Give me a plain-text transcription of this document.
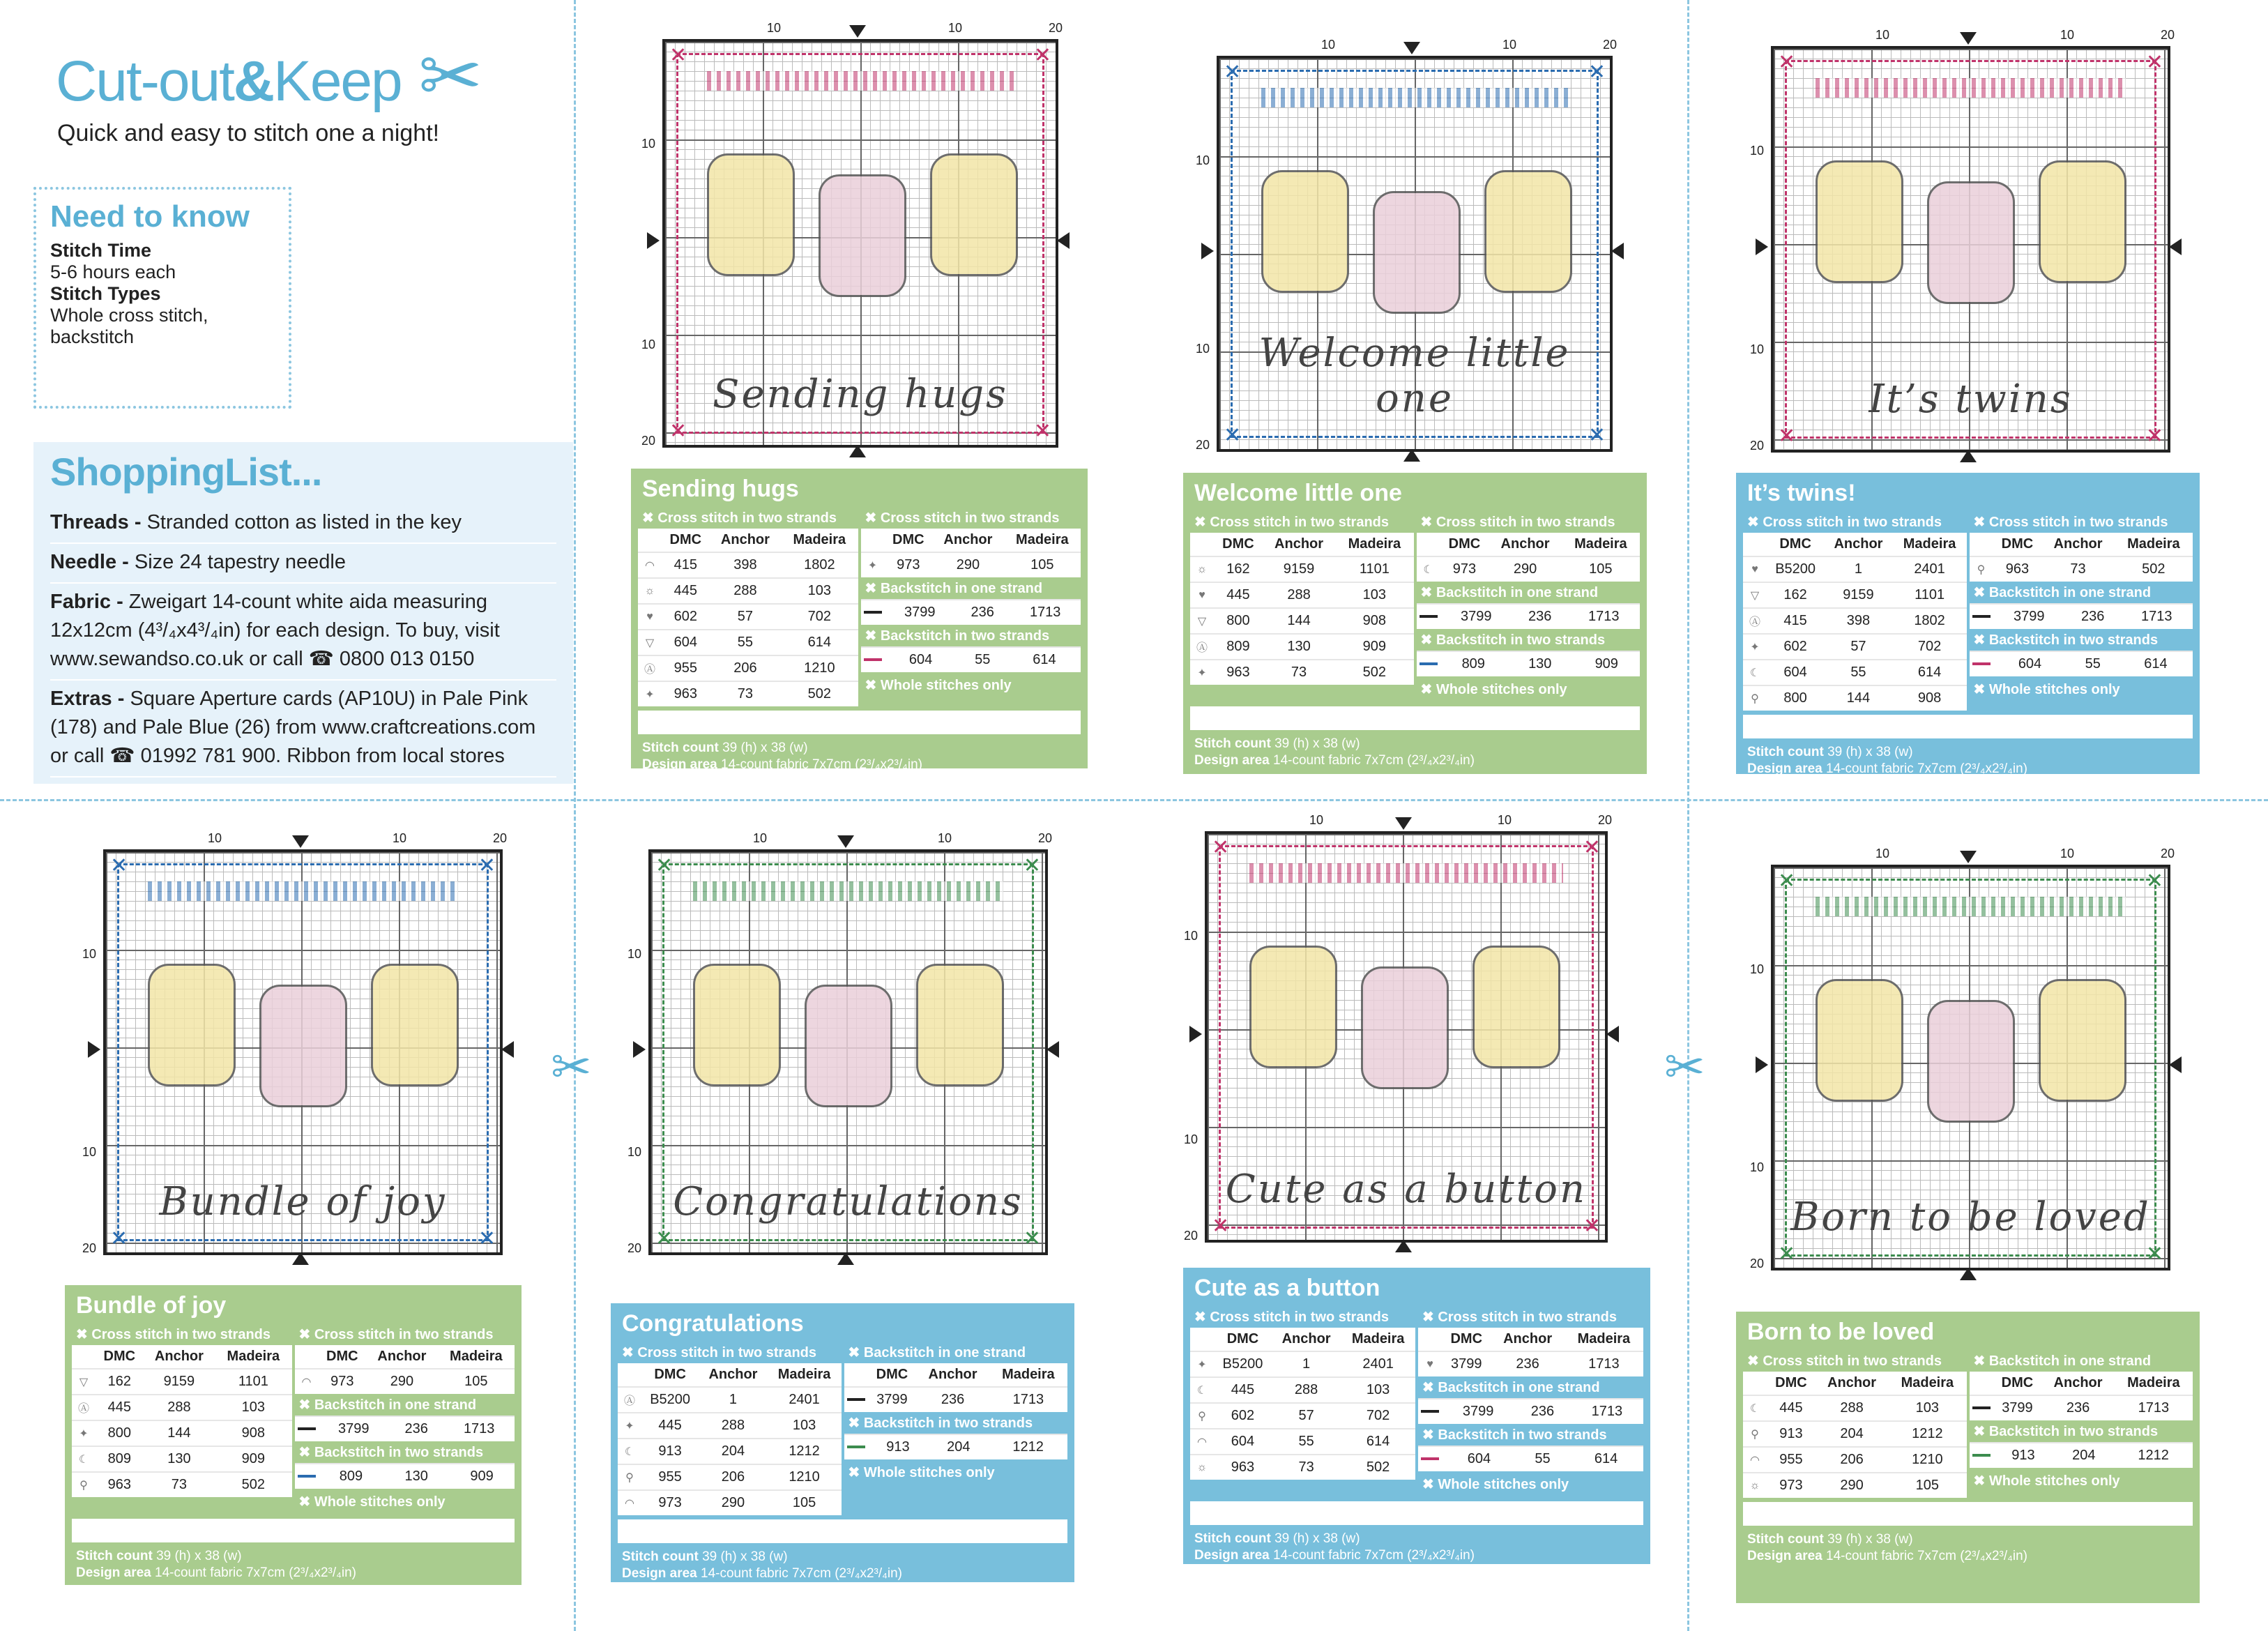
✂	✂
Cut-out&Keep ✂
Quick and easy to stitch one a night!
Need to know
Stitch Time
5-6 hours each
Stitch Types
Whole cross stitch,
backstitch
ShoppingList...
Threads - Stranded cotton as listed in the key
Needle - Size 24 tapestry needle
Fabric - Zweigart 14-count white aida measuring 12x12cm (4³/₄x4³/₄in) for each design. To buy, visit www.sewandso.co.uk or call ☎ 0800 013 0150
Extras - Square Aperture cards (AP10U) in Pale Pink (178) and Pale Blue (26) from www.craftcreations.com or call ☎ 01992 781 900. Ribbon from local stores
✕	✕
✕	✕
Sending hugs
10	10	20
10
10
20
✕	✕
✕	✕
Welcome little one
10	10	20
10
10
20
✕	✕
✕	✕
It’s twins
10	10	20
10
10
20
✕	✕
✕	✕
Bundle of joy
10	10	20
10
10
20
✕	✕
✕	✕
Congratulations
10	10	20
10
10
20
✕	✕
✕	✕
Cute as a button
10	10	20
10
10
20
✕	✕
✕	✕
Born to be loved
10	10	20
10
10
20
Sending hugs
✖ Cross stitch in two strands
	DMC	Anchor	Madeira
◠	415	398	1802
☼	445	288	103
♥	602	57	702
▽	604	55	614
Ⓐ	955	206	1210
✦	963	73	502
✖ Cross stitch in two strands
	DMC	Anchor	Madeira
✦	973	290	105
✖ Backstitch in one strand
	3799	236	1713
✖ Backstitch in two strands
	604	55	614
✖ Whole stitches only
Stitch count 39 (h) x 38 (w)
Design area 14-count fabric 7x7cm (2³/₄x2³/₄in)
Welcome little one
✖ Cross stitch in two strands
	DMC	Anchor	Madeira
☼	162	9159	1101
♥	445	288	103
▽	800	144	908
Ⓐ	809	130	909
✦	963	73	502
✖ Cross stitch in two strands
	DMC	Anchor	Madeira
☾	973	290	105
✖ Backstitch in one strand
	3799	236	1713
✖ Backstitch in two strands
	809	130	909
✖ Whole stitches only
Stitch count 39 (h) x 38 (w)
Design area 14-count fabric 7x7cm (2³/₄x2³/₄in)
It’s twins!
✖ Cross stitch in two strands
	DMC	Anchor	Madeira
♥	B5200	1	2401
▽	162	9159	1101
Ⓐ	415	398	1802
✦	602	57	702
☾	604	55	614
⚲	800	144	908
✖ Cross stitch in two strands
	DMC	Anchor	Madeira
⚲	963	73	502
✖ Backstitch in one strand
	3799	236	1713
✖ Backstitch in two strands
	604	55	614
✖ Whole stitches only
Stitch count 39 (h) x 38 (w)
Design area 14-count fabric 7x7cm (2³/₄x2³/₄in)
Bundle of joy
✖ Cross stitch in two strands
	DMC	Anchor	Madeira
▽	162	9159	1101
Ⓐ	445	288	103
✦	800	144	908
☾	809	130	909
⚲	963	73	502
✖ Cross stitch in two strands
	DMC	Anchor	Madeira
◠	973	290	105
✖ Backstitch in one strand
	3799	236	1713
✖ Backstitch in two strands
	809	130	909
✖ Whole stitches only
Stitch count 39 (h) x 38 (w)
Design area 14-count fabric 7x7cm (2³/₄x2³/₄in)
Congratulations
✖ Cross stitch in two strands
	DMC	Anchor	Madeira
Ⓐ	B5200	1	2401
✦	445	288	103
☾	913	204	1212
⚲	955	206	1210
◠	973	290	105
✖ Backstitch in one strand
	DMC	Anchor	Madeira
	3799	236	1713
✖ Backstitch in two strands
	913	204	1212
✖ Whole stitches only
Stitch count 39 (h) x 38 (w)
Design area 14-count fabric 7x7cm (2³/₄x2³/₄in)
Cute as a button
✖ Cross stitch in two strands
	DMC	Anchor	Madeira
✦	B5200	1	2401
☾	445	288	103
⚲	602	57	702
◠	604	55	614
☼	963	73	502
✖ Cross stitch in two strands
	DMC	Anchor	Madeira
♥	3799	236	1713
✖ Backstitch in one strand
	3799	236	1713
✖ Backstitch in two strands
	604	55	614
✖ Whole stitches only
Stitch count 39 (h) x 38 (w)
Design area 14-count fabric 7x7cm (2³/₄x2³/₄in)
Born to be loved
✖ Cross stitch in two strands
	DMC	Anchor	Madeira
☾	445	288	103
⚲	913	204	1212
◠	955	206	1210
☼	973	290	105
✖ Backstitch in one strand
	DMC	Anchor	Madeira
	3799	236	1713
✖ Backstitch in two strands
	913	204	1212
✖ Whole stitches only
Stitch count 39 (h) x 38 (w)
Design area 14-count fabric 7x7cm (2³/₄x2³/₄in)
